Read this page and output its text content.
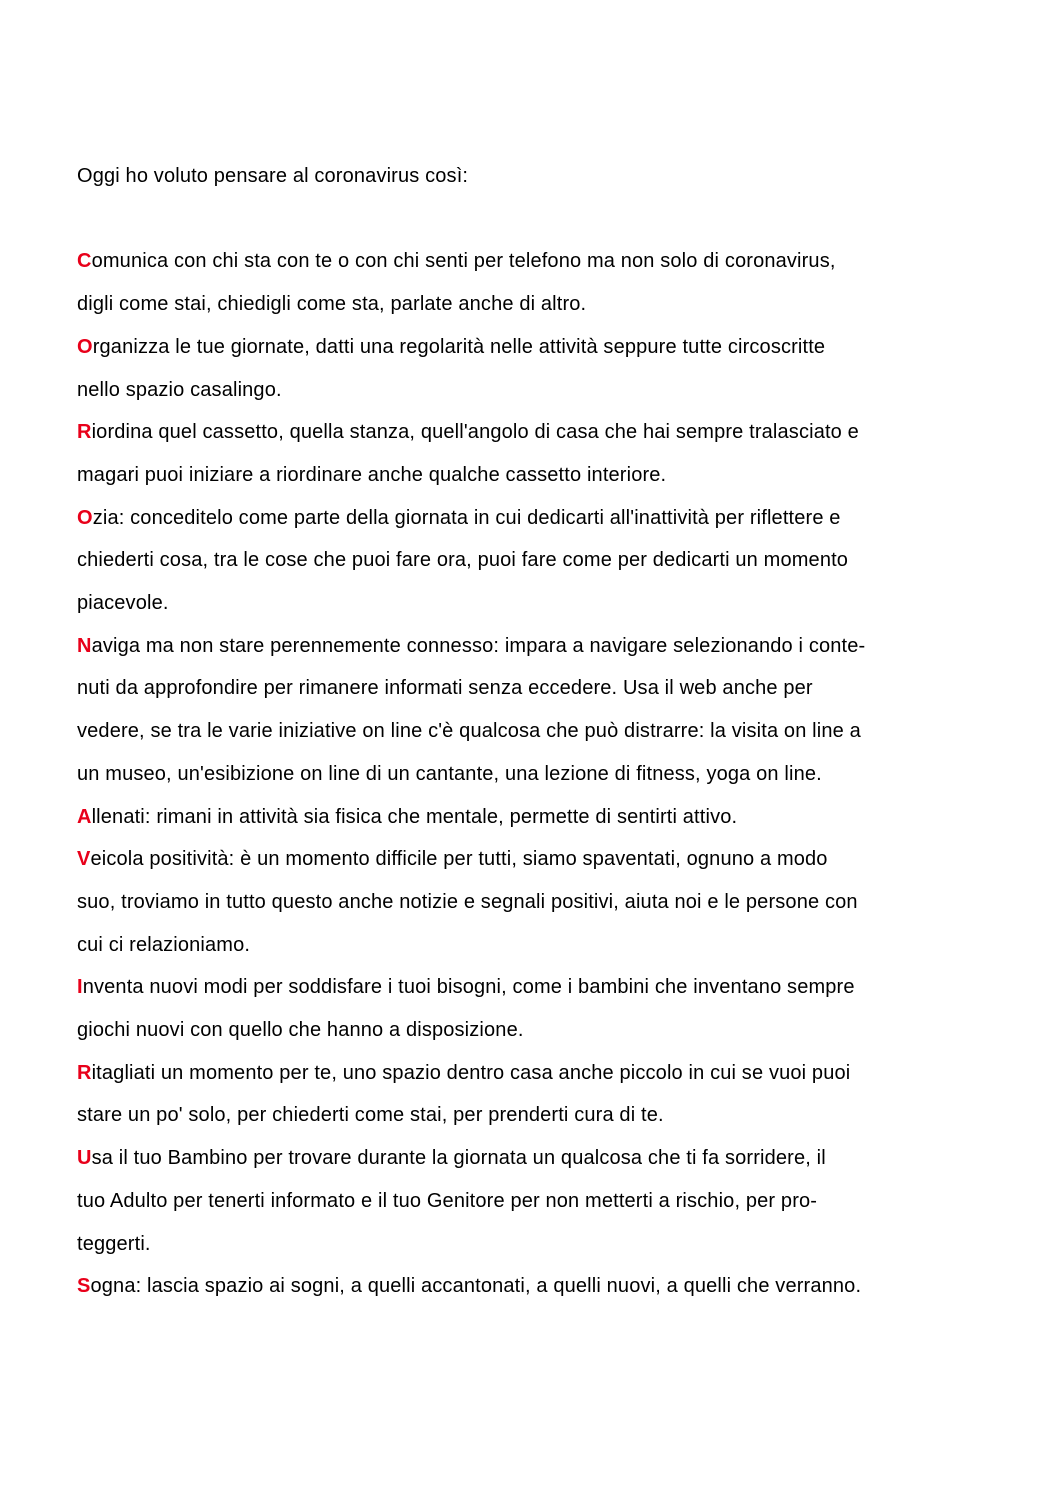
Oggi ho voluto pensare al coronavirus così:

Comunica con chi sta con te o con chi senti per telefono ma non solo di coronavirus,
digli come stai, chiedigli come sta, parlate anche di altro.

Organizza le tue giornate, datti una regolarità nelle attività seppure tutte circoscritte
nello spazio casalingo.

Riordina quel cassetto, quella stanza, quell'angolo di casa che hai sempre tralasciato e
magari puoi iniziare a riordinare anche qualche cassetto interiore.

Ozia: conceditelo come parte della giornata in cui dedicarti all'inattività per riflettere e
chiederti cosa, tra le cose che puoi fare ora, puoi fare come per dedicarti un momento
piacevole.

Naviga ma non stare perennemente connesso: impara a navigare selezionando i conte-
nuti da approfondire per rimanere informati senza eccedere. Usa il web anche per
vedere, se tra le varie iniziative on line c'è qualcosa che può distrarre: la visita on line a
un museo, un'esibizione on line di un cantante, una lezione di fitness, yoga on line.

Allenati: rimani in attività sia fisica che mentale, permette di sentirti attivo.

Veicola positività: è un momento difficile per tutti, siamo spaventati, ognuno a modo
suo, troviamo in tutto questo anche notizie e segnali positivi, aiuta noi e le persone con
cui ci relazioniamo.

Inventa nuovi modi per soddisfare i tuoi bisogni, come i bambini che inventano sempre
giochi nuovi con quello che hanno a disposizione.

Ritagliati un momento per te, uno spazio dentro casa anche piccolo in cui se vuoi puoi
stare un po' solo, per chiederti come stai, per prenderti cura di te.

Usa il tuo Bambino per trovare durante la giornata un qualcosa che ti fa sorridere, il
tuo Adulto per tenerti informato e il tuo Genitore per non metterti a rischio, per pro-
teggerti.

Sogna: lascia spazio ai sogni, a quelli accantonati, a quelli nuovi, a quelli che verranno.
